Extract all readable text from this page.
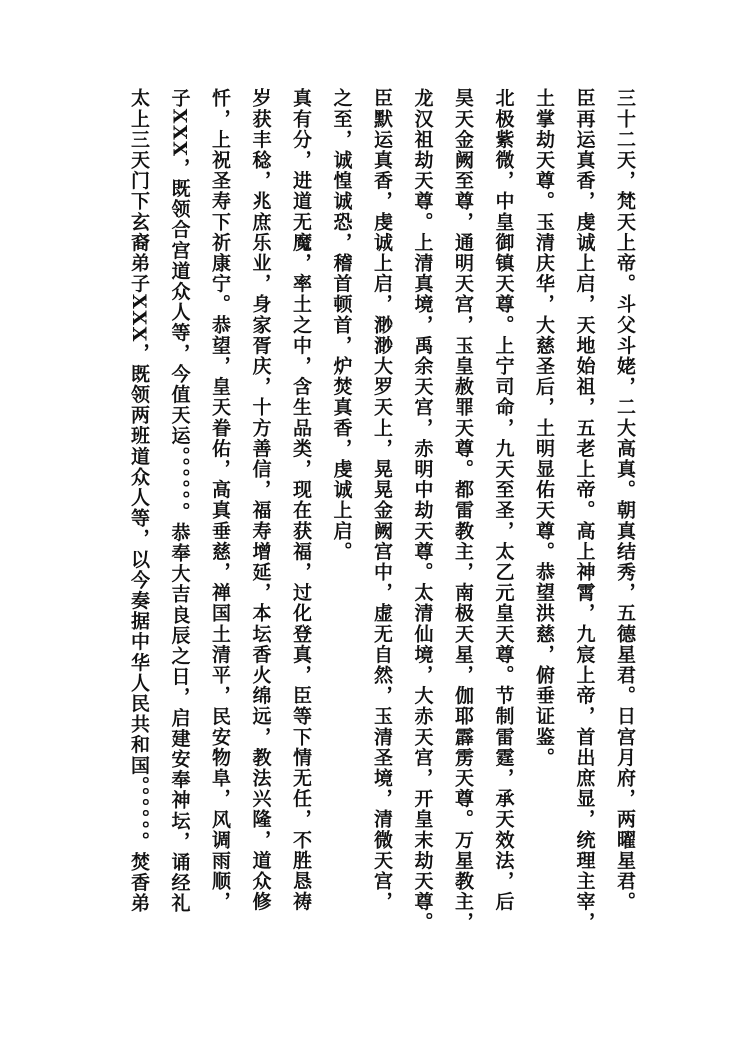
三十二天，梵天上帝。斗父斗姥，二大高真。朝真结秀，五德星君。日宫月府，两曜星君。
臣再运真香，虔诚上启，天地始祖，五老上帝。高上神霄，九宸上帝，首出庶显，统理主宰，
土掌劫天尊。玉清庆华，大慈圣后，土明显佑天尊。恭望洪慈，俯垂证鉴。
北极紫微，中皇御镇天尊。上宁司命，九天至圣，太乙元皇天尊。节制雷霆，承天效法，后
昊天金阙至尊，通明天宫，玉皇赦罪天尊。都雷教主，南极天星，伽耶霹雳天尊。万星教主，
龙汉祖劫天尊。上清真境，禹余天宫，赤明中劫天尊。太清仙境，大赤天宫，开皇末劫天尊。
臣默运真香，虔诚上启，渺渺大罗天上，晃晃金阙宫中，虚无自然，玉清圣境，清微天宫，
之至，诚惶诚恐，稽首顿首，炉焚真香，虔诚上启。
真有分，进道无魔，率土之中，含生品类，现在获福，过化登真，臣等下情无任，不胜恳祷
岁获丰稔，兆庶乐业，身家胥庆，十方善信，福寿增延，本坛香火绵远，教法兴隆，道众修
忏，上祝圣寿下祈康宁。恭望，皇天眷佑，高真垂慈，禅国土清平，民安物阜，风调雨顺，
子XXX，既领合宫道众人等，今值天运。。。。。。恭奉大吉良辰之日，启建安奉神坛，诵经礼
太上三天门下玄裔弟子XXX，既领两班道众人等，以今奏据中华人民共和国。。。。。。焚香弟
